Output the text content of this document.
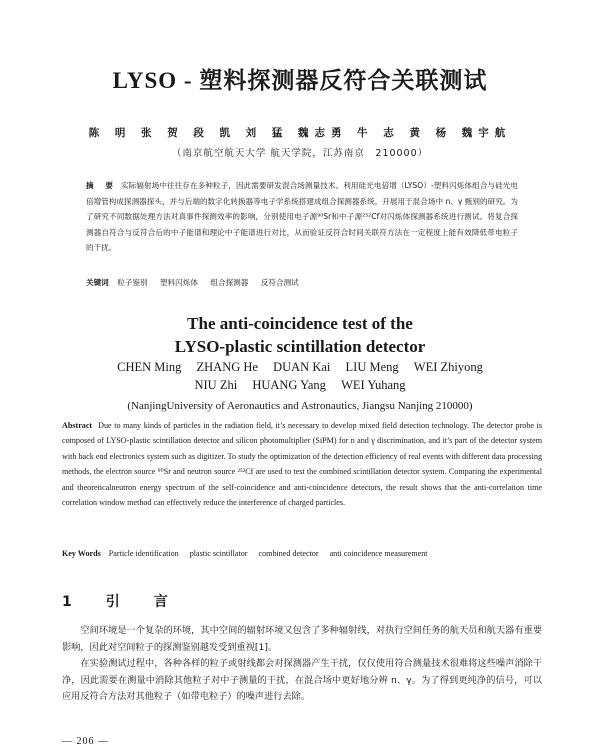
LYSO - 塑料探测器反符合关联测试
陈 明 张 贺 段 凯 刘 猛 魏志勇 牛 志 黄 杨 魏宇航
（南京航空航天大学 航天学院，江苏南京　210000）
摘　要 实际辐射场中往往存在多种粒子，因此需要研发混合场测量技术。利用硅光电倍增（LYSO）-塑料闪烁体组合与硅光电倍增管构成探测器探头，并与后端的数字化转换器等电子学系统搭建成组合探测器系统，开展用于混合场中 n、γ 甄别的研究。为了研究不同数据处理方法对真事件探测效率的影响，分别使用电子源⁹⁰Sr和中子源²⁵²Cf对闪烁体探测器系统进行测试。将复合探测器自符合与反符合后的中子能谱和理论中子能谱进行对比，从而验证反符合时间关联符方法在一定程度上能有效降低带电粒子的干扰。
关键词 粒子鉴别 塑料闪烁体 组合探测器 反符合测试
The anti-coincidence test of the
LYSO-plastic scintillation detector
CHEN Ming ZHANG He DUAN Kai LIU Meng WEI Zhiyong
NIU Zhi HUANG Yang WEI Yuhang
(NanjingUniversity of Aeronautics and Astronautics, Jiangsu Nanjing 210000)
Abstract Due to many kinds of particles in the radiation field, it’s necessary to develop mixed field detection technology. The detector probe is composed of LYSO-plastic scintillation detector and silicon photomultiplier (SiPM) for n and γ discrimination, and it’s part of the detector system with back end electronics system such as digitizer. To study the optimization of the detection efficiency of real events with different data processing methods, the electron source ⁹⁰Sr and neutron source ²⁵²Cf are used to test the combined scintillation detector system. Comparing the experimental and theoreticalneutron energy spectrum of the self-coincidence and anti-coincidence detectors, the result shows that the anti-correlation time correlation window method can effectively reduce the interference of charged particles.
Key Words Particle identification plastic scintillator combined detector anti coincidence measurement
1　引　言

空间环境是一个复杂的环境，其中空间的辐射环境又包含了多种辐射线，对执行空间任务的航天员和航天器有重要影响，因此对空间粒子的探测鉴别越发受到重视[1]。

在实验测试过程中，各种各样的粒子或射线都会对探测器产生干扰，仅仅使用符合测量技术很难将这些噪声消除干净，因此需要在测量中消除其他粒子对中子测量的干扰，在混合场中更好地分辨 n、γ。为了得到更纯净的信号，可以应用反符合方法对其他粒子（如带电粒子）的噪声进行去除。

— 206 —
